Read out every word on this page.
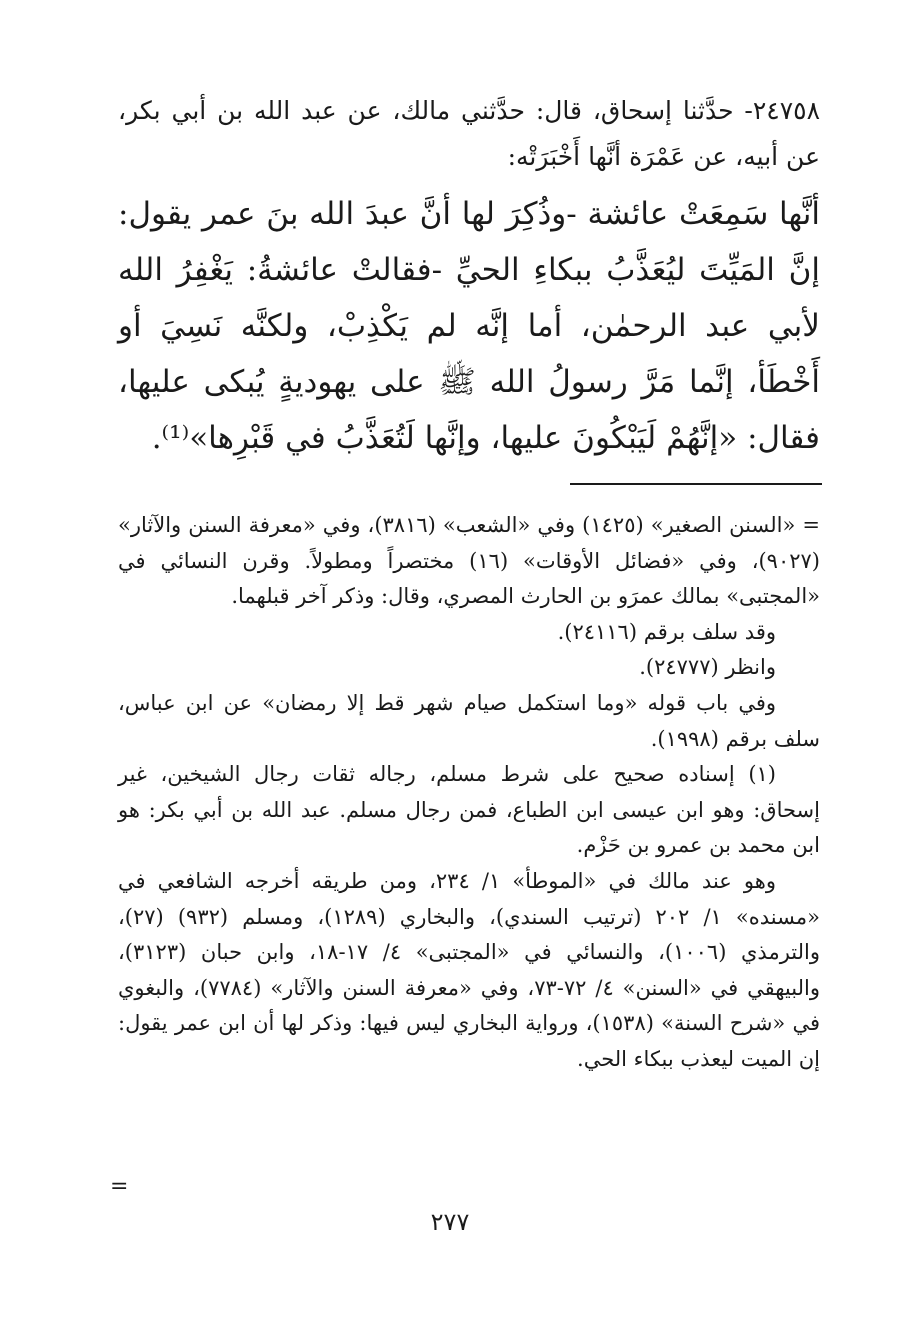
٢٤٧٥٨- حدَّثنا إسحاق، قال: حدَّثني مالك، عن عبد الله بن أبي بكر، عن أبيه، عن عَمْرَة أنَّها أَخْبَرَتْه:
أنَّها سَمِعَتْ عائشة -وذُكِرَ لها أنَّ عبدَ الله بنَ عمر يقول: إنَّ المَيِّتَ ليُعَذَّبُ ببكاءِ الحيِّ -فقالتْ عائشةُ: يَغْفِرُ الله لأبي عبد الرحمٰن، أما إنَّه لم يَكْذِبْ، ولكنَّه نَسِيَ أو أَخْطَأ، إنَّما مَرَّ رسولُ الله ﷺ على يهوديةٍ يُبكى عليها، فقال: «إنَّهُمْ لَيَبْكُونَ عليها، وإنَّها لَتُعَذَّبُ في قَبْرِها»⁽¹⁾.

= «السنن الصغير» (١٤٢٥) وفي «الشعب» (٣٨١٦)، وفي «معرفة السنن والآثار» (٩٠٢٧)، وفي «فضائل الأوقات» (١٦) مختصراً ومطولاً. وقرن النسائي في «المجتبى» بمالك عمرَو بن الحارث المصري، وقال: وذكر آخر قبلهما.

وقد سلف برقم (٢٤١١٦).

وانظر (٢٤٧٧٧).

وفي باب قوله «وما استكمل صيام شهر قط إلا رمضان» عن ابن عباس، سلف برقم (١٩٩٨).

(١) إسناده صحيح على شرط مسلم، رجاله ثقات رجال الشيخين، غير إسحاق: وهو ابن عيسى ابن الطباع، فمن رجال مسلم. عبد الله بن أبي بكر: هو ابن محمد بن عمرو بن حَزْم.

وهو عند مالك في «الموطأ» ١/ ٢٣٤، ومن طريقه أخرجه الشافعي في «مسنده» ١/ ٢٠٢ (ترتيب السندي)، والبخاري (١٢٨٩)، ومسلم (٩٣٢) (٢٧)، والترمذي (١٠٠٦)، والنسائي في «المجتبى» ٤/ ١٧-١٨، وابن حبان (٣١٢٣)، والبيهقي في «السنن» ٤/ ٧٢-٧٣، وفي «معرفة السنن والآثار» (٧٧٨٤)، والبغوي في «شرح السنة» (١٥٣٨)، ورواية البخاري ليس فيها: وذكر لها أن ابن عمر يقول: إن الميت ليعذب ببكاء الحي.

=
٢٧٧
